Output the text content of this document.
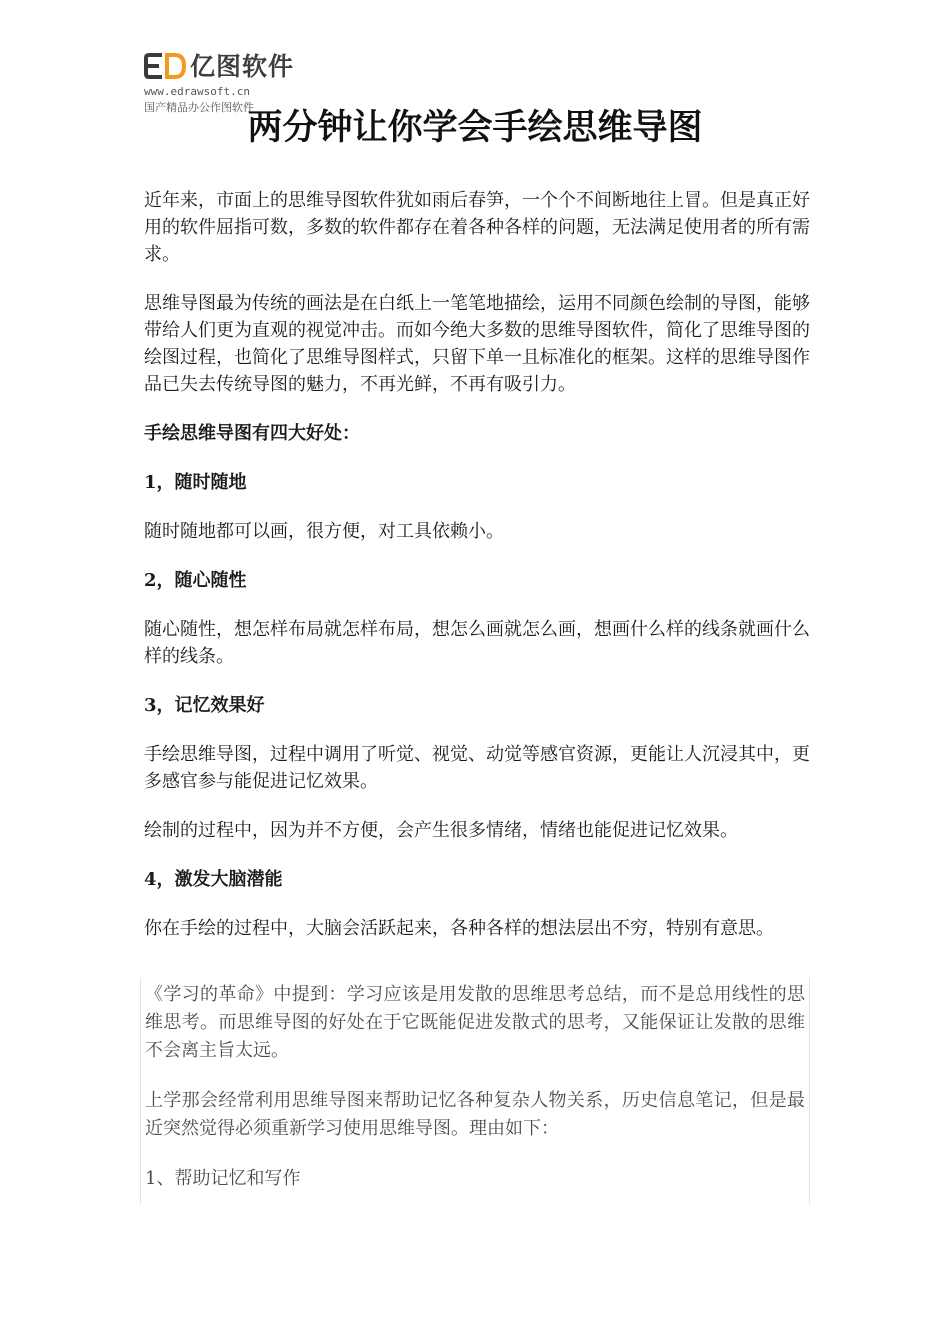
亿图软件
www.edrawsoft.cn
国产精品办公作图软件
两分钟让你学会手绘思维导图

近年来，市面上的思维导图软件犹如雨后春笋，一个个不间断地往上冒。但是真正好用的软件屈指可数，多数的软件都存在着各种各样的问题，无法满足使用者的所有需求。

思维导图最为传统的画法是在白纸上一笔笔地描绘，运用不同颜色绘制的导图，能够带给人们更为直观的视觉冲击。而如今绝大多数的思维导图软件，简化了思维导图的绘图过程，也简化了思维导图样式，只留下单一且标准化的框架。这样的思维导图作品已失去传统导图的魅力，不再光鲜，不再有吸引力。

手绘思维导图有四大好处：

1，随时随地

随时随地都可以画，很方便，对工具依赖小。

2，随心随性

随心随性，想怎样布局就怎样布局，想怎么画就怎么画，想画什么样的线条就画什么样的线条。

3，记忆效果好

手绘思维导图，过程中调用了听觉、视觉、动觉等感官资源，更能让人沉浸其中，更多感官参与能促进记忆效果。

绘制的过程中，因为并不方便，会产生很多情绪，情绪也能促进记忆效果。

4，激发大脑潜能

你在手绘的过程中，大脑会活跃起来，各种各样的想法层出不穷，特别有意思。

《学习的革命》中提到：学习应该是用发散的思维思考总结，而不是总用线性的思维思考。而思维导图的好处在于它既能促进发散式的思考，又能保证让发散的思维不会离主旨太远。

上学那会经常利用思维导图来帮助记忆各种复杂人物关系，历史信息笔记，但是最近突然觉得必须重新学习使用思维导图。理由如下：

1、帮助记忆和写作
